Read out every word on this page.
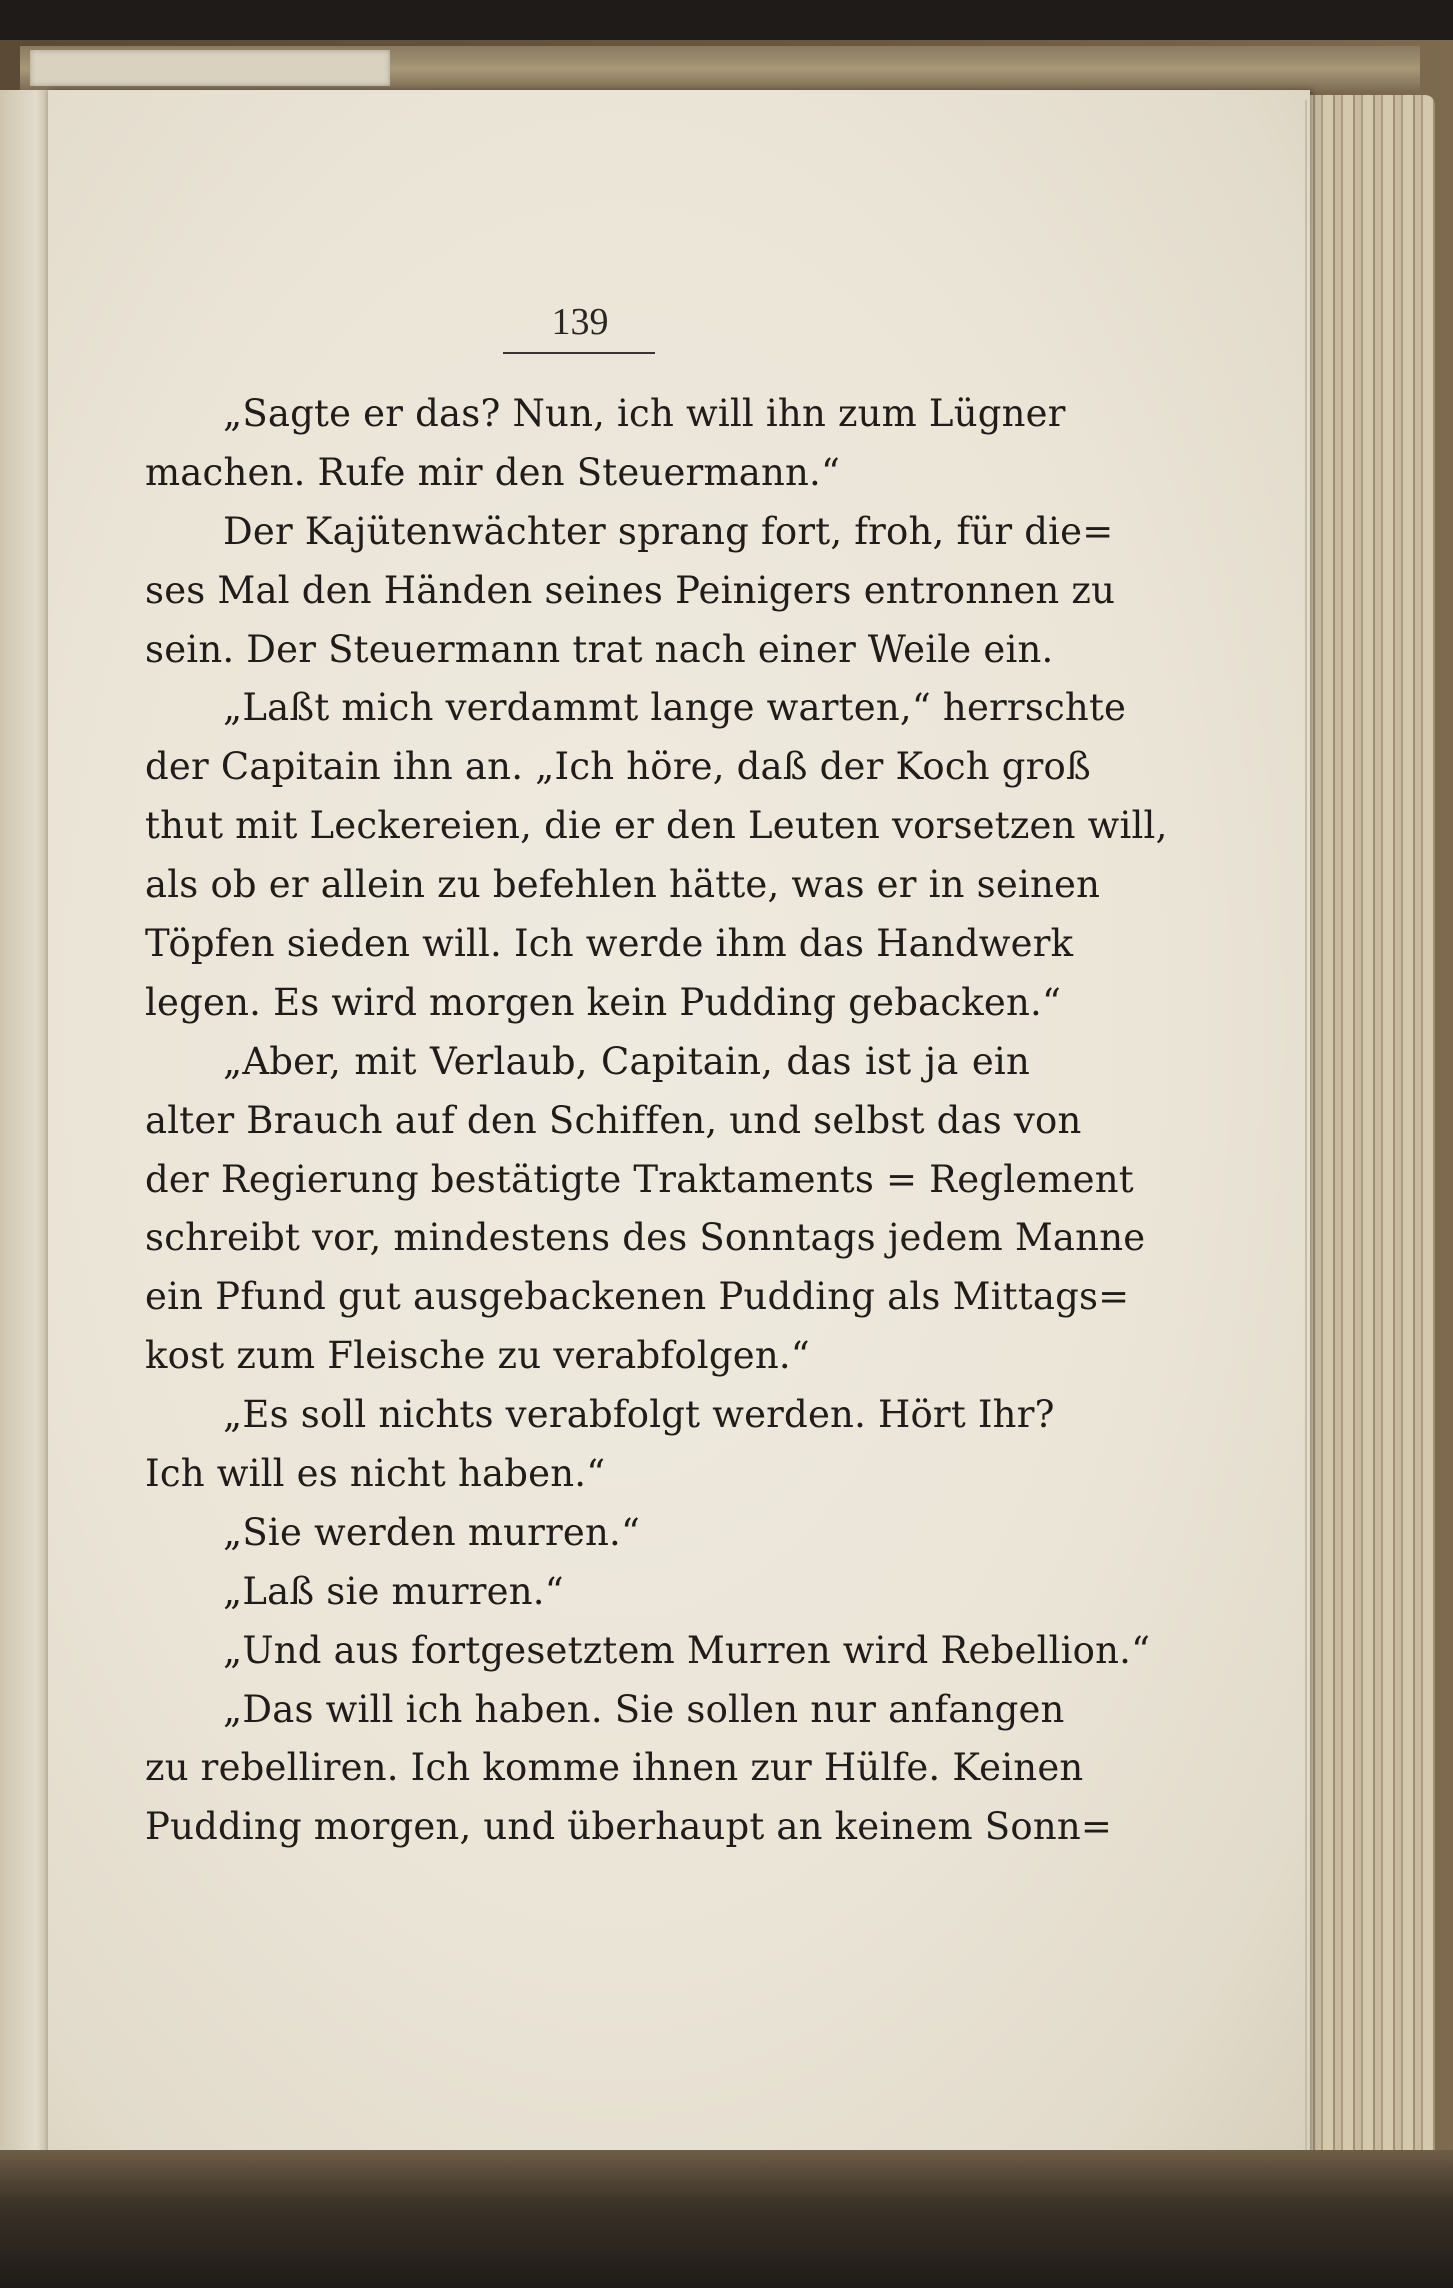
139
„Sagte er das? Nun, ich will ihn zum Lügner
machen. Rufe mir den Steuermann.“
Der Kajütenwächter sprang fort, froh, für die=
ses Mal den Händen seines Peinigers entronnen zu
sein. Der Steuermann trat nach einer Weile ein.
„Laßt mich verdammt lange warten,“ herrschte
der Capitain ihn an. „Ich höre, daß der Koch groß
thut mit Leckereien, die er den Leuten vorsetzen will,
als ob er allein zu befehlen hätte, was er in seinen
Töpfen sieden will. Ich werde ihm das Handwerk
legen. Es wird morgen kein Pudding gebacken.“
„Aber, mit Verlaub, Capitain, das ist ja ein
alter Brauch auf den Schiffen, und selbst das von
der Regierung bestätigte Traktaments = Reglement
schreibt vor, mindestens des Sonntags jedem Manne
ein Pfund gut ausgebackenen Pudding als Mittags=
kost zum Fleische zu verabfolgen.“
„Es soll nichts verabfolgt werden. Hört Ihr?
Ich will es nicht haben.“
„Sie werden murren.“
„Laß sie murren.“
„Und aus fortgesetztem Murren wird Rebellion.“
„Das will ich haben. Sie sollen nur anfangen
zu rebelliren. Ich komme ihnen zur Hülfe. Keinen
Pudding morgen, und überhaupt an keinem Sonn=
